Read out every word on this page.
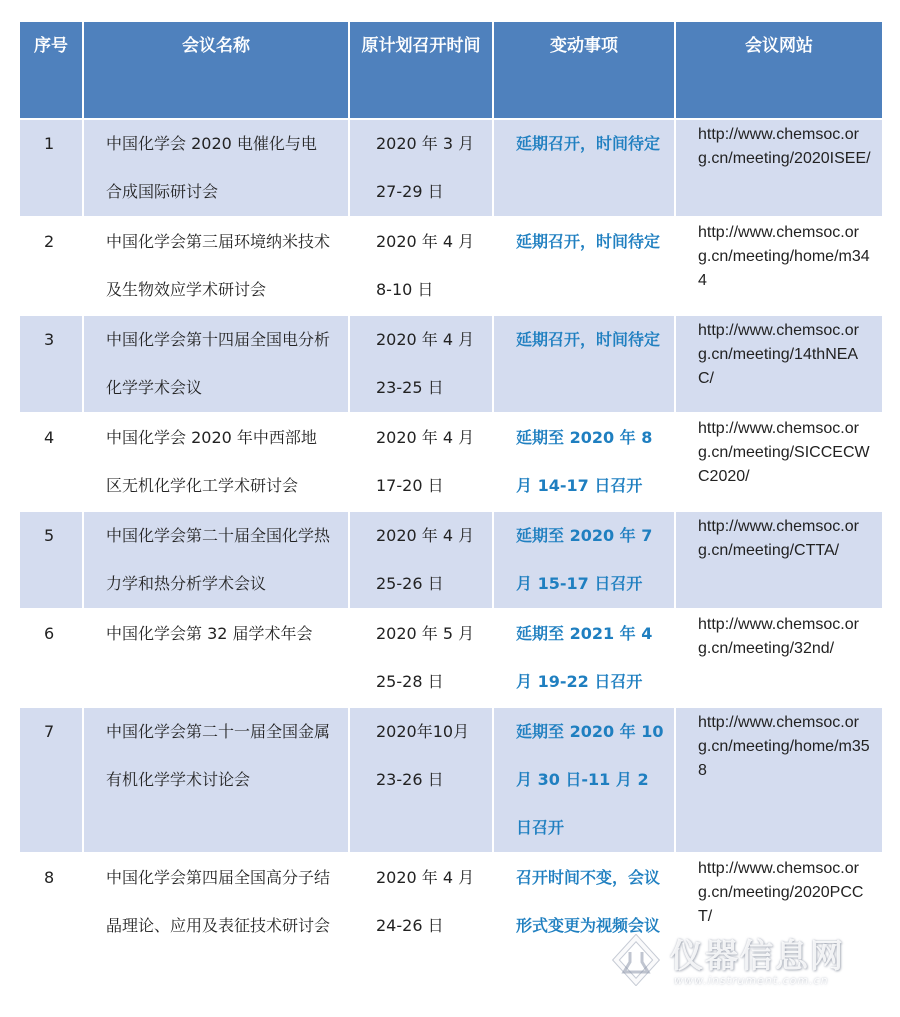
序号	会议名称	原计划召开时间	变动事项	会议网站
1	中国化学会 2020 电催化与电合成国际研讨会	2020 年 3 月 27-29 日	延期召开，时间待定	http://www.chemsoc.org.cn/meeting/2020ISEE/
2	中国化学会第三届环境纳米技术及生物效应学术研讨会	2020 年 4 月 8-10 日	延期召开，时间待定	http://www.chemsoc.org.cn/meeting/home/m344
3	中国化学会第十四届全国电分析化学学术会议	2020 年 4 月 23-25 日	延期召开，时间待定	http://www.chemsoc.org.cn/meeting/14thNEAC/
4	中国化学会 2020 年中西部地区无机化学化工学术研讨会	2020 年 4 月 17-20 日	延期至 2020 年 8 月 14-17 日召开	http://www.chemsoc.org.cn/meeting/SICCECWC2020/
5	中国化学会第二十届全国化学热力学和热分析学术会议	2020 年 4 月 25-26 日	延期至 2020 年 7 月 15-17 日召开	http://www.chemsoc.org.cn/meeting/CTTA/
6	中国化学会第 32 届学术年会	2020 年 5 月 25-28 日	延期至 2021 年 4 月 19-22 日召开	http://www.chemsoc.org.cn/meeting/32nd/
7	中国化学会第二十一届全国金属有机化学学术讨论会	2020年10月 23-26 日	延期至 2020 年 10 月 30 日-11 月 2 日召开	http://www.chemsoc.org.cn/meeting/home/m358
8	中国化学会第四届全国高分子结晶理论、应用及表征技术研讨会	2020 年 4 月 24-26 日	召开时间不变，会议形式变更为视频会议	http://www.chemsoc.org.cn/meeting/2020PCCT/
仪器信息网
www.instrument.com.cn
